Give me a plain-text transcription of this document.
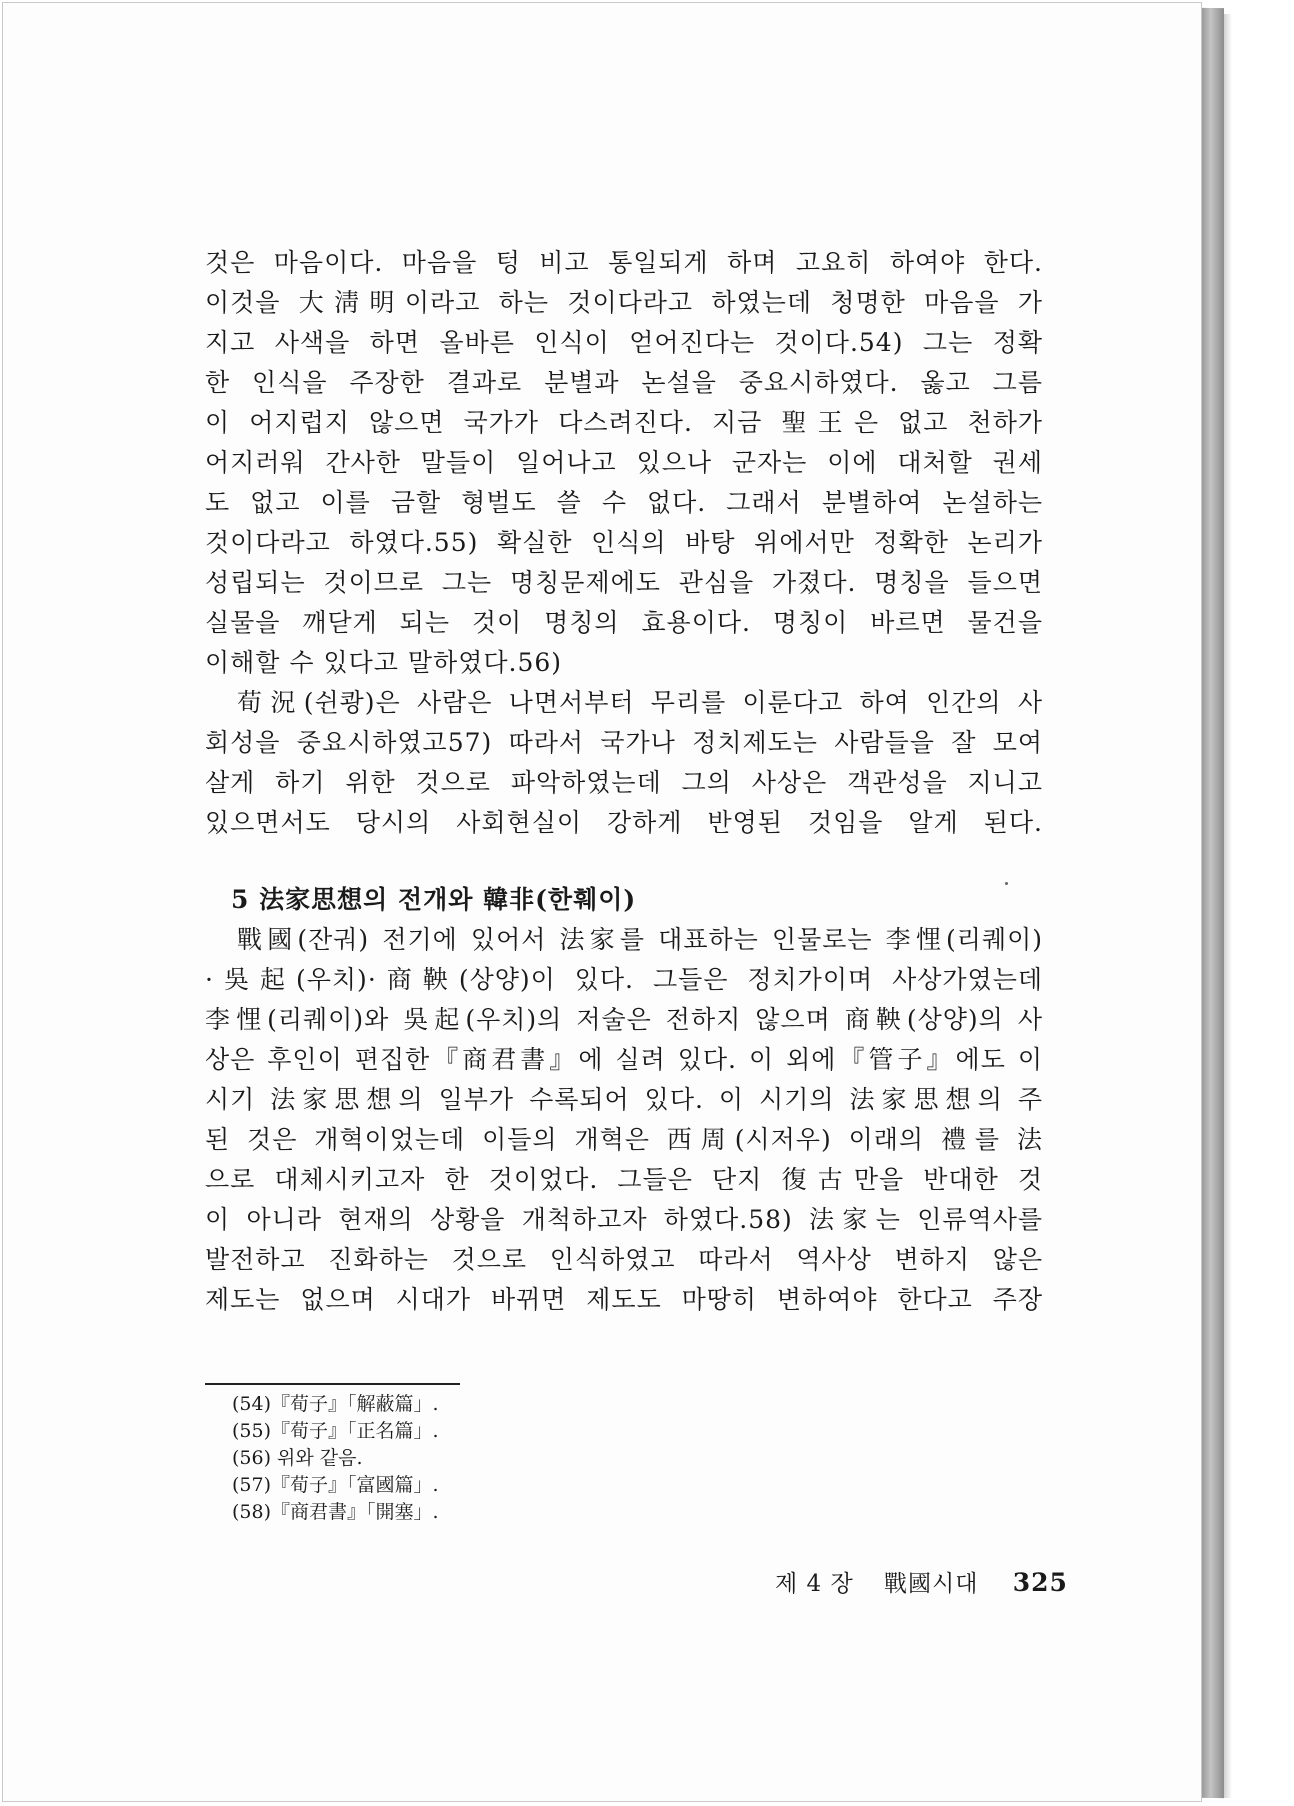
것은 마음이다. 마음을 텅 비고 통일되게 하며 고요히 하여야 한다.
이것을 大淸明이라고 하는 것이다라고 하였는데 청명한 마음을 가
지고 사색을 하면 올바른 인식이 얻어진다는 것이다.54) 그는 정확
한 인식을 주장한 결과로 분별과 논설을 중요시하였다. 옳고 그름
이 어지럽지 않으면 국가가 다스려진다. 지금 聖王은 없고 천하가
어지러워 간사한 말들이 일어나고 있으나 군자는 이에 대처할 권세
도 없고 이를 금할 형벌도 쓸 수 없다. 그래서 분별하여 논설하는
것이다라고 하였다.55) 확실한 인식의 바탕 위에서만 정확한 논리가
성립되는 것이므로 그는 명칭문제에도 관심을 가졌다. 명칭을 들으면
실물을 깨닫게 되는 것이 명칭의 효용이다. 명칭이 바르면 물건을
이해할 수 있다고 말하였다.56)
荀況(쉰쾅)은 사람은 나면서부터 무리를 이룬다고 하여 인간의 사
회성을 중요시하였고57) 따라서 국가나 정치제도는 사람들을 잘 모여
살게 하기 위한 것으로 파악하였는데 그의 사상은 객관성을 지니고
있으면서도 당시의 사회현실이 강하게 반영된 것임을 알게 된다.
5 法家思想의 전개와 韓非(한훼이)
戰國(잔궈) 전기에 있어서 法家를 대표하는 인물로는 李悝(리퀘이)
·吳起(우치)·商鞅(상양)이 있다. 그들은 정치가이며 사상가였는데
李悝(리퀘이)와 吳起(우치)의 저술은 전하지 않으며 商鞅(상양)의 사
상은 후인이 편집한『商君書』에 실려 있다. 이 외에『管子』에도 이
시기 法家思想의 일부가 수록되어 있다. 이 시기의 法家思想의 주
된 것은 개혁이었는데 이들의 개혁은 西周(시저우) 이래의 禮를 法
으로 대체시키고자 한 것이었다. 그들은 단지 復古만을 반대한 것
이 아니라 현재의 상황을 개척하고자 하였다.58) 法家는 인류역사를
발전하고 진화하는 것으로 인식하였고 따라서 역사상 변하지 않은
제도는 없으며 시대가 바뀌면 제도도 마땅히 변하여야 한다고 주장
(54)『荀子』「解蔽篇」.
(55)『荀子』「正名篇」.
(56) 위와 같음.
(57)『荀子』「富國篇」.
(58)『商君書』「開塞」.
제 4 장 戰國시대 325
